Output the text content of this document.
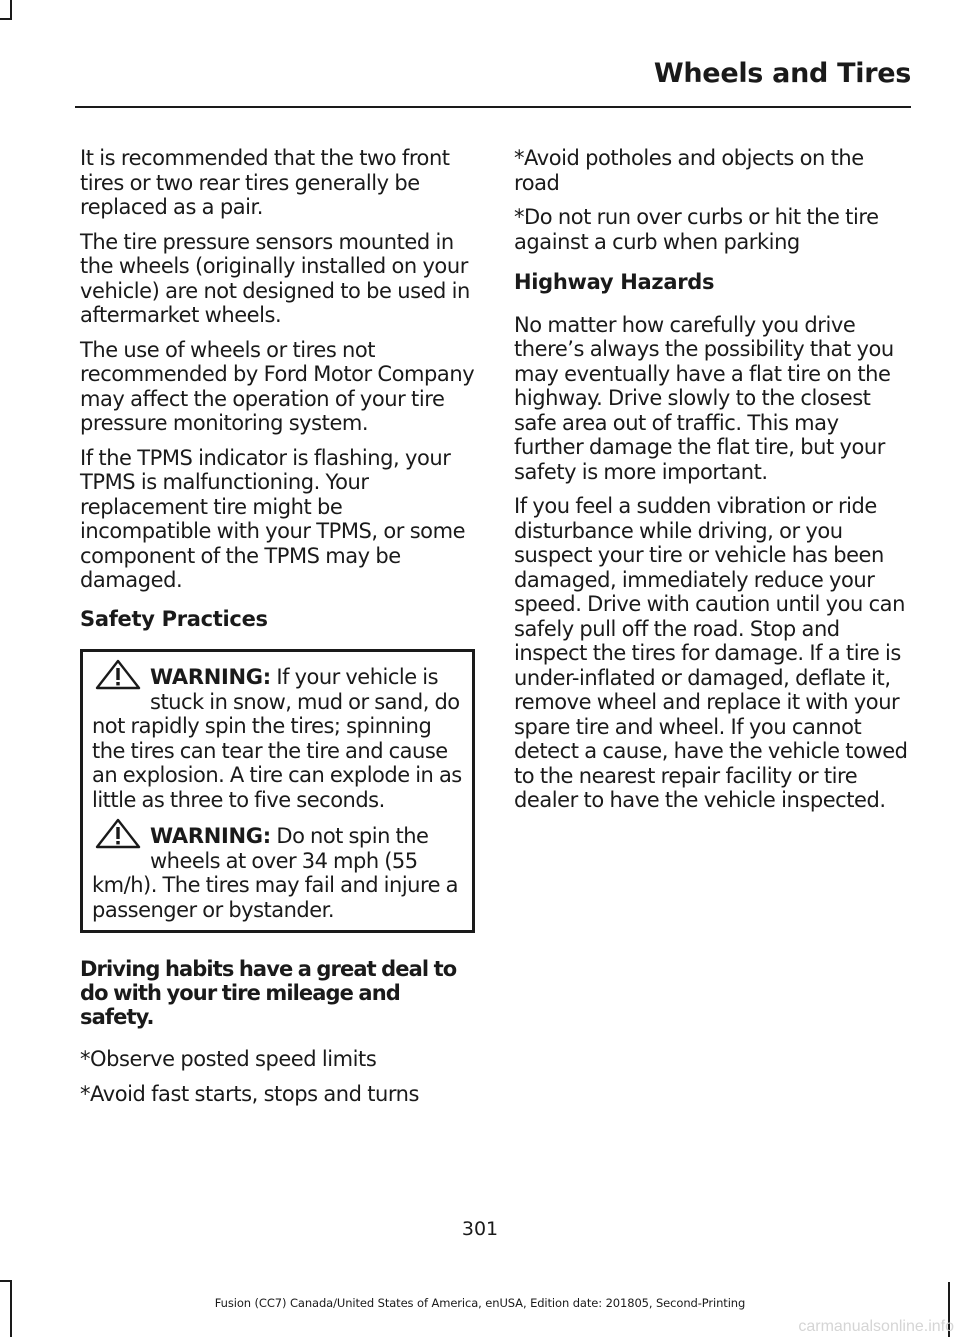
Wheels and Tires

It is recommended that the two front tires or two rear tires generally be replaced as a pair.

The tire pressure sensors mounted in the wheels (originally installed on your vehicle) are not designed to be used in aftermarket wheels.

The use of wheels or tires not recommended by Ford Motor Company may affect the operation of your tire pressure monitoring system.

If the TPMS indicator is flashing, your TPMS is malfunctioning. Your replacement tire might be incompatible with your TPMS, or some component of the TPMS may be damaged.

Safety Practices

WARNING: If your vehicle is stuck in snow, mud or sand, do not rapidly spin the tires; spinning the tires can tear the tire and cause an explosion. A tire can explode in as little as three to five seconds.

WARNING: Do not spin the wheels at over 34 mph (55 km/h). The tires may fail and injure a passenger or bystander.

Driving habits have a great deal to do with your tire mileage and safety.

*Observe posted speed limits

*Avoid fast starts, stops and turns

*Avoid potholes and objects on the road

*Do not run over curbs or hit the tire against a curb when parking

Highway Hazards

No matter how carefully you drive there’s always the possibility that you may eventually have a flat tire on the highway. Drive slowly to the closest safe area out of traffic. This may further damage the flat tire, but your safety is more important.

If you feel a sudden vibration or ride disturbance while driving, or you suspect your tire or vehicle has been damaged, immediately reduce your speed. Drive with caution until you can safely pull off the road. Stop and inspect the tires for damage. If a tire is under-inflated or damaged, deflate it, remove wheel and replace it with your spare tire and wheel. If you cannot detect a cause, have the vehicle towed to the nearest repair facility or tire dealer to have the vehicle inspected.

301
Fusion (CC7) Canada/United States of America, enUSA, Edition date: 201805, Second-Printing
carmanualsonline.info
